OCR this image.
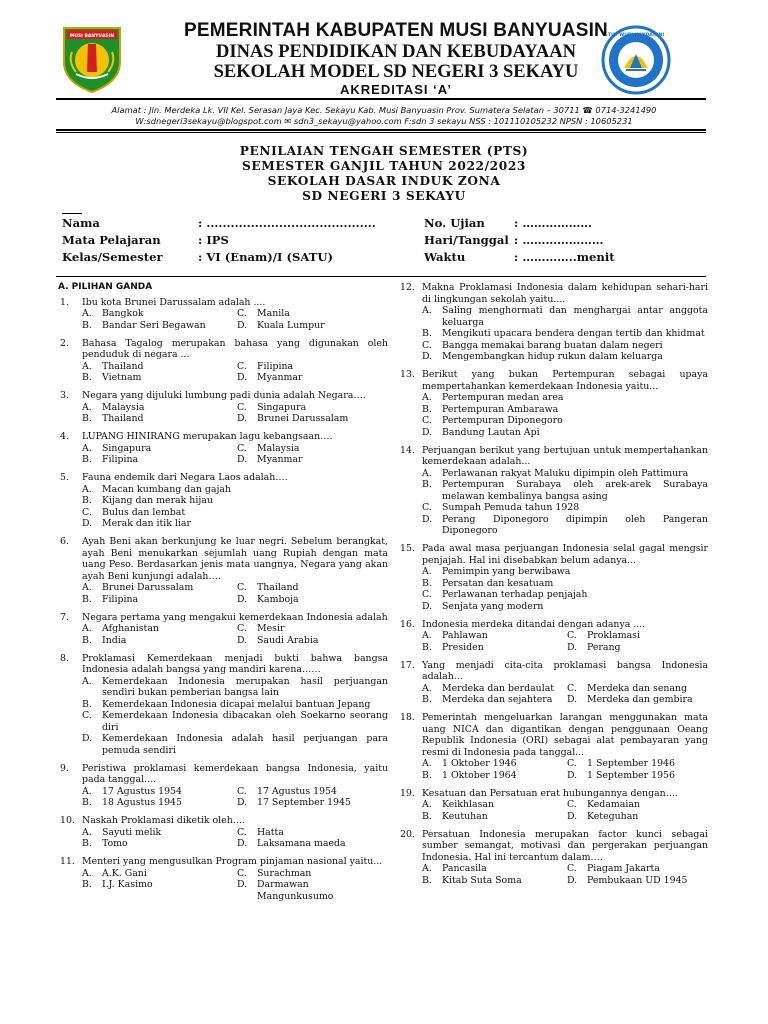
MUSI BANYUASIN	TUT WURI HANDAYANI
PEMERINTAH KABUPATEN MUSI BANYUASIN
DINAS PENDIDIKAN DAN KEBUDAYAAN
SEKOLAH MODEL SD NEGERI 3 SEKAYU
AKREDITASI ‘A’
Alamat : Jln. Merdeka Lk. VII Kel. Serasan Jaya Kec. Sekayu Kab. Musi Banyuasin Prov. Sumatera Selatan – 30711 ☎ 0714-3241490
W:sdnegeri3sekayu@blogspot.com ✉ sdn3_sekayu@yahoo.com F:sdn 3 sekayu NSS : 101110105232 NPSN : 10605231
PENILAIAN TENGAH SEMESTER (PTS)
SEMESTER GANJIL TAHUN 2022/2023
SEKOLAH DASAR INDUK ZONA
SD NEGERI 3 SEKAYU
Nama	: ..........................................
Mata Pelajaran	: IPS
Kelas/Semester	: VI (Enam)/I (SATU)
No. Ujian	: ………………
Hari/Tanggal : …………………
Waktu	: …………..menit
A. PILIHAN GANDA
1. Ibu kota Brunei Darussalam adalah ....
A. Bangkok	C. Manila
B. Bandar Seri Begawan	D. Kuala Lumpur
2. Bahasa Tagalog merupakan bahasa yang digunakan oleh penduduk di negara ...
A. Thailand	C. Filipina
B. Vietnam	D. Myanmar
3. Negara yang dijuluki lumbung padi dunia adalah Negara….
A. Malaysia	C. Singapura
B. Thailand	D. Brunei Darussalam
4. LUPANG HINIRANG merupakan lagu kebangsaan….
A. Singapura	C. Malaysia
B. Filipina	D. Myanmar
5. Fauna endemik dari Negara Laos adalah….
A. Macan kumbang dan gajah
B. Kijang dan merak hijau
C. Bulus dan lembat
D. Merak dan itik liar
6. Ayah Beni akan berkunjung ke luar negri. Sebelum berangkat, ayah Beni menukarkan sejumlah uang Rupiah dengan mata uang Peso. Berdasarkan jenis mata uangnya, Negara yang akan ayah Beni kunjungi adalah….
A. Brunei Darussalam	C. Thailand
B. Filipina	D. Kamboja
7. Negara pertama yang mengakui kemerdekaan Indonesia adalah
A. Afghanistan	C. Mesir
B. India	D. Saudi Arabia
8. Proklamasi Kemerdekaan menjadi bukti bahwa bangsa Indonesia adalah bangsa yang mandiri karena……
A. Kemerdekaan Indonesia merupakan hasil perjuangan sendiri bukan pemberian bangsa lain
B. Kemerdekaan Indonesia dicapai melalui bantuan Jepang
C. Kemerdekaan Indonesia dibacakan oleh Soekarno seorang diri
D. Kemerdekaan Indonesia adalah hasil perjuangan para pemuda sendiri
9. Peristiwa proklamasi kemerdekaan bangsa Indonesia, yaitu pada tanggal....
A. 17 Agustus 1954	C. 17 Agustus 1954
B. 18 Agustus 1945	D. 17 September 1945
10. Naskah Proklamasi diketik oleh….
A. Sayuti melik	C. Hatta
B. Tomo	D. Laksamana maeda
11. Menteri yang mengusulkan Program pinjaman nasional yaitu...
A. A.K. Gani	C. Surachman
B. I.J. Kasimo	D. Darmawan Mangunkusumo
12. Makna Proklamasi Indonesia dalam kehidupan sehari-hari di lingkungan sekolah yaitu....
A. Saling menghormati dan menghargai antar anggota keluarga
B. Mengikuti upacara bendera dengan tertib dan khidmat
C. Bangga memakai barang buatan dalam negeri
D. Mengembangkan hidup rukun dalam keluarga
13. Berikut yang bukan Pertempuran sebagai upaya mempertahankan kemerdekaan Indonesia yaitu...
A. Pertempuran medan area
B. Pertempuran Ambarawa
C. Pertempuran Diponegoro
D. Bandung Lautan Api
14. Perjuangan berikut yang bertujuan untuk mempertahankan kemerdekaan adalah...
A. Perlawanan rakyat Maluku dipimpin oleh Pattimura
B. Pertempuran Surabaya oleh arek-arek Surabaya melawan kembalinya bangsa asing
C. Sumpah Pemuda tahun 1928
D. Perang Diponegoro dipimpin oleh Pangeran Diponegoro
15. Pada awal masa perjuangan Indonesia selal gagal mengsir penjajah. Hal ini disebabkan belum adanya...
A. Pemimpin yang berwibawa
B. Persatan dan kesatuam
C. Perlawanan terhadap penjajah
D. Senjata yang modern
16. Indonesia merdeka ditandai dengan adanya ....
A. Pahlawan	C. Proklamasi
B. Presiden	D. Perang
17. Yang menjadi cita-cita proklamasi bangsa Indonesia adalah...
A. Merdeka dan berdaulat	C. Merdeka dan senang
B. Merdeka dan sejahtera	D. Merdeka dan gembira
18. Pemerintah mengeluarkan larangan menggunakan mata uang NICA dan digantikan dengan penggunaan Oeang Republik Indonesia (ORI) sebagai alat pembayaran yang resmi di Indonesia pada tanggal...
A. 1 Oktober 1946	C. 1 September 1946
B. 1 Oktober 1964	D. 1 September 1956
19. Kesatuan dan Persatuan erat hubungannya dengan….
A. Keikhlasan	C. Kedamaian
B. Keutuhan	D. Keteguhan
20. Persatuan Indonesia merupakan factor kunci sebagai sumber semangat, motivasi dan pergerakan perjuangan Indonesia. Hal ini tercantum dalam….
A. Pancasila	C. Piagam Jakarta
B. Kitab Suta Soma	D. Pembukaan UD 1945
